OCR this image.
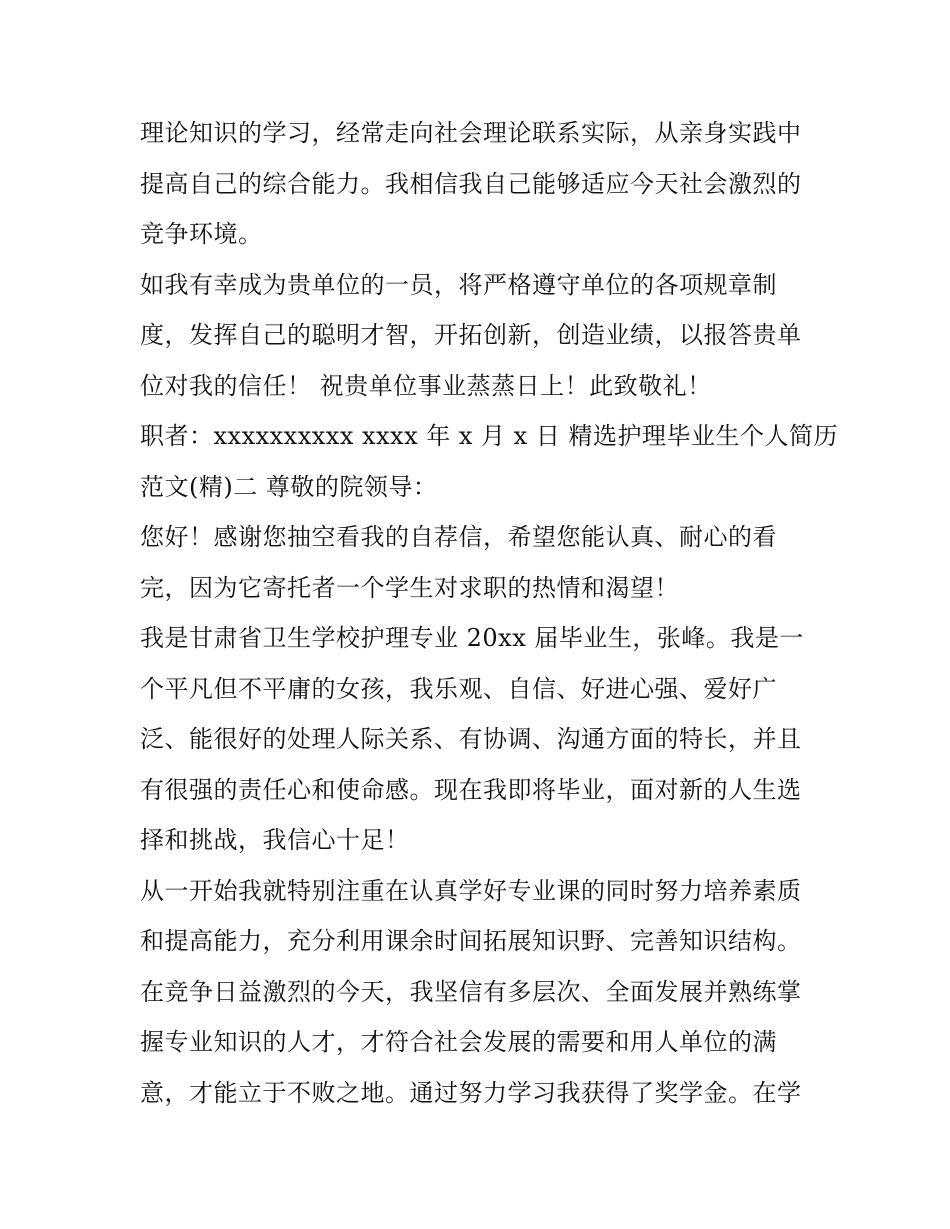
理论知识的学习，经常走向社会理论联系实际，从亲身实践中
提高自己的综合能力。我相信我自己能够适应今天社会激烈的
竞争环境。
如我有幸成为贵单位的一员，将严格遵守单位的各项规章制
度，发挥自己的聪明才智，开拓创新，创造业绩，以报答贵单
位对我的信任！ 祝贵单位事业蒸蒸日上！此致敬礼！
职者：xxxxxxxxxx xxxx 年 x 月 x 日 精选护理毕业生个人简历
范文(精)二 尊敬的院领导：
您好！感谢您抽空看我的自荐信，希望您能认真、耐心的看
完，因为它寄托者一个学生对求职的热情和渴望！
我是甘肃省卫生学校护理专业 20xx 届毕业生，张峰。我是一
个平凡但不平庸的女孩，我乐观、自信、好进心强、爱好广
泛、能很好的处理人际关系、有协调、沟通方面的特长，并且
有很强的责任心和使命感。现在我即将毕业，面对新的人生选
择和挑战，我信心十足！
从一开始我就特别注重在认真学好专业课的同时努力培养素质
和提高能力，充分利用课余时间拓展知识野、完善知识结构。
在竞争日益激烈的今天，我坚信有多层次、全面发展并熟练掌
握专业知识的人才，才符合社会发展的需要和用人单位的满
意，才能立于不败之地。通过努力学习我获得了奖学金。在学
